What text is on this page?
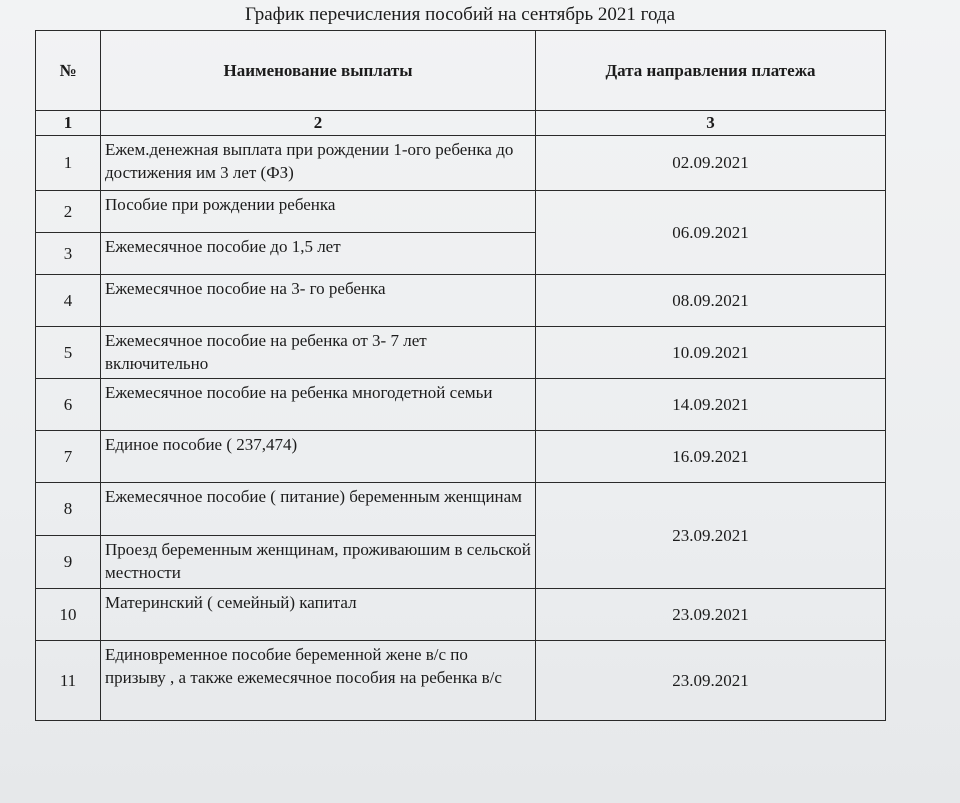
График перечисления пособий на сентябрь 2021 года
№	Наименование выплаты	Дата направления платежа
1	2	3
1	Ежем.денежная выплата при рождении 1-ого ребенка до достижения им 3 лет (ФЗ)	02.09.2021
2	Пособие при рождении ребенка	06.09.2021
3	Ежемесячное пособие до 1,5 лет	
4	Ежемесячное пособие на 3- го ребенка	08.09.2021
5	Ежемесячное пособие на ребенка от 3- 7 лет включительно	10.09.2021
6	Ежемесячное пособие на ребенка многодетной семьи	14.09.2021
7	Единое пособие ( 237,474)	16.09.2021
8	Ежемесячное пособие ( питание) беременным женщинам	23.09.2021
9	Проезд беременным женщинам, проживаюшим в сельской местности	
10	Материнский ( семейный) капитал	23.09.2021
11	Единовременное пособие беременной жене в/с по призыву , а также ежемесячное пособия на ребенка в/с	23.09.2021
